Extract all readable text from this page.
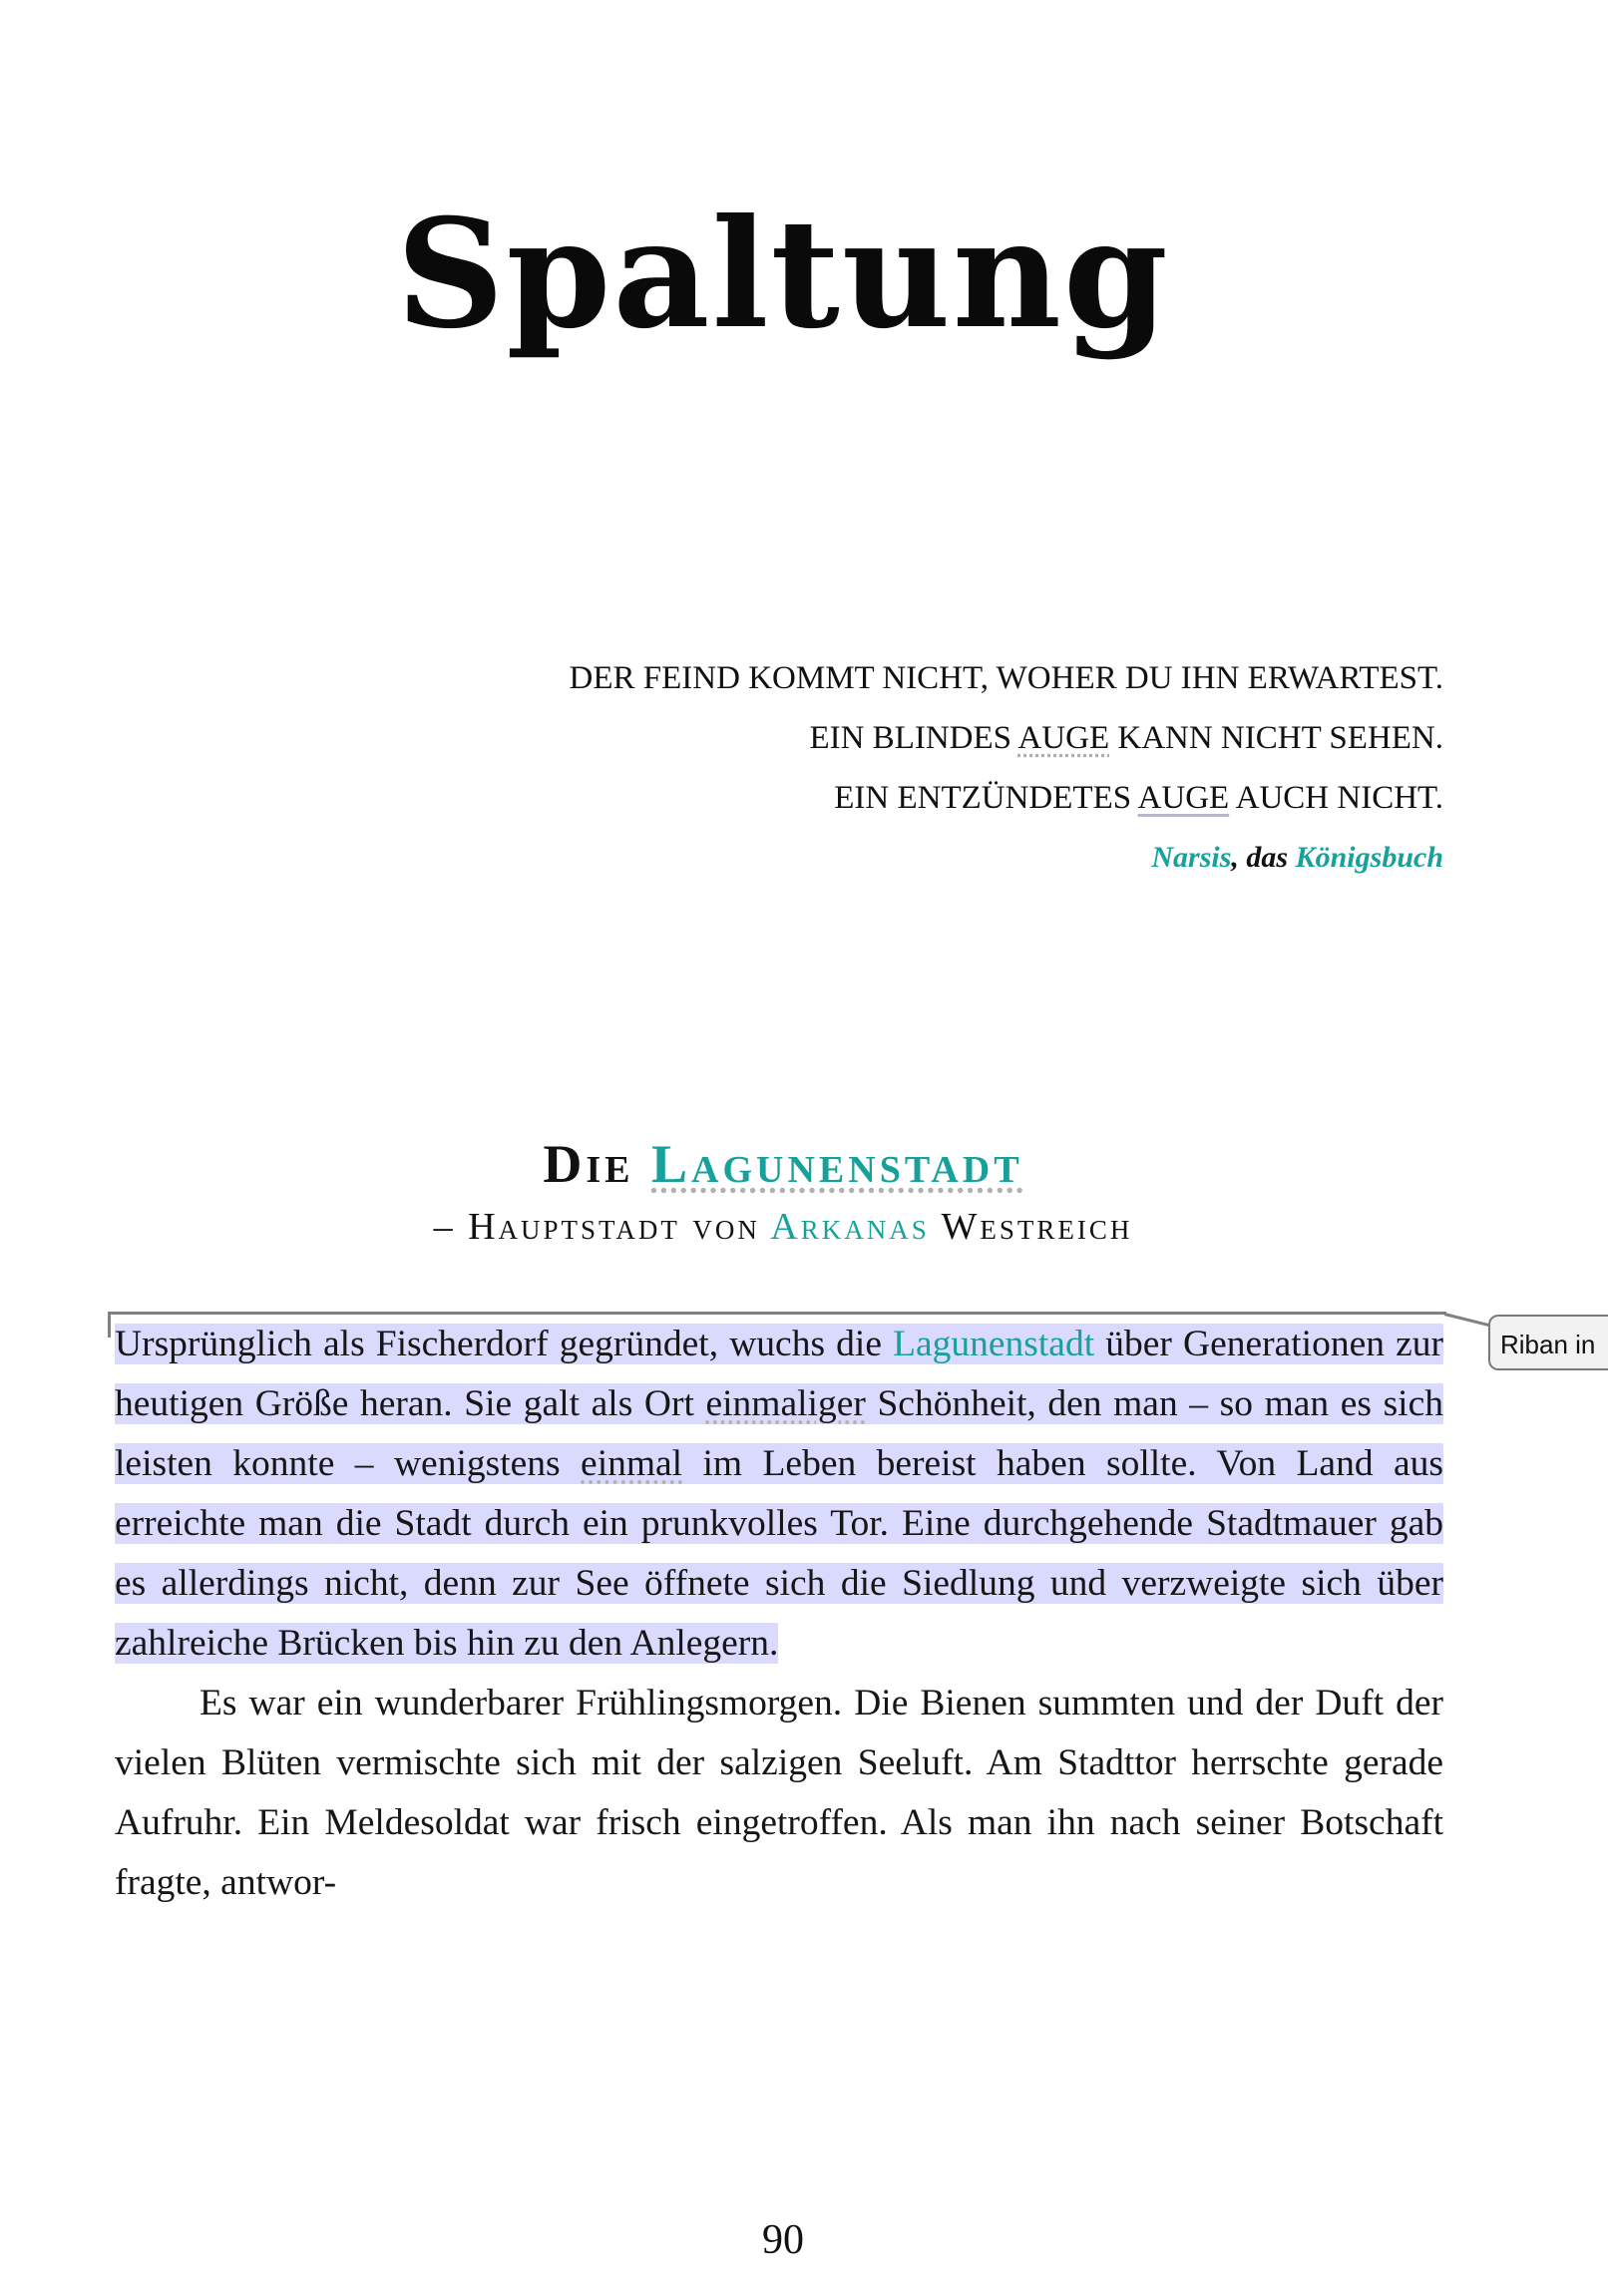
Spaltung
DER FEIND KOMMT NICHT, WOHER DU IHN ERWARTEST.
EIN BLINDES AUGE KANN NICHT SEHEN.
EIN ENTZÜNDETES AUGE AUCH NICHT.
Narsis, das Königsbuch
Die Lagunenstadt
– Hauptstadt von Arkanas Westreich
Riban in

Ursprünglich als Fischerdorf gegründet, wuchs die Lagunenstadt über Generationen zur heutigen Größe heran. Sie galt als Ort einmaliger Schönheit, den man – so man es sich leisten konnte – wenigstens einmal im Leben bereist haben sollte. Von Land aus erreichte man die Stadt durch ein prunkvolles Tor. Eine durchgehende Stadtmauer gab es allerdings nicht, denn zur See öffnete sich die Siedlung und verzweigte sich über zahlreiche Brücken bis hin zu den Anlegern.

Es war ein wunderbarer Frühlingsmorgen. Die Bienen summten und der Duft der vielen Blüten vermischte sich mit der salzigen Seeluft. Am Stadttor herrschte gerade Aufruhr. Ein Meldesoldat war frisch eingetroffen. Als man ihn nach seiner Botschaft fragte, antwor-

90
